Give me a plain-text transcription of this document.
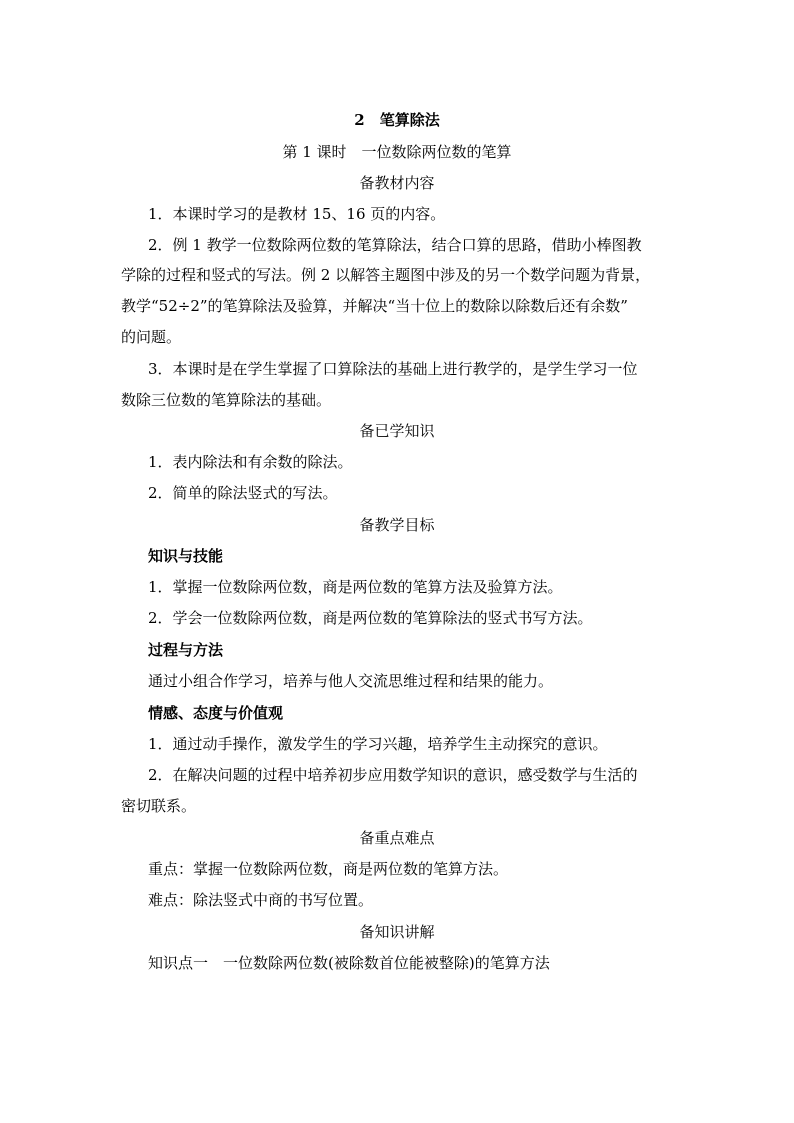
2　笔算除法
第 1 课时　一位数除两位数的笔算
备教材内容
1．本课时学习的是教材 15、16 页的内容。
2．例 1 教学一位数除两位数的笔算除法，结合口算的思路，借助小棒图教
学除的过程和竖式的写法。例 2 以解答主题图中涉及的另一个数学问题为背景，
教学“52÷2”的笔算除法及验算，并解决“当十位上的数除以除数后还有余数”
的问题。
3．本课时是在学生掌握了口算除法的基础上进行教学的，是学生学习一位
数除三位数的笔算除法的基础。
备已学知识
1．表内除法和有余数的除法。
2．简单的除法竖式的写法。
备教学目标
知识与技能
1．掌握一位数除两位数，商是两位数的笔算方法及验算方法。
2．学会一位数除两位数，商是两位数的笔算除法的竖式书写方法。
过程与方法
通过小组合作学习，培养与他人交流思维过程和结果的能力。
情感、态度与价值观
1．通过动手操作，激发学生的学习兴趣，培养学生主动探究的意识。
2．在解决问题的过程中培养初步应用数学知识的意识，感受数学与生活的
密切联系。
备重点难点
重点：掌握一位数除两位数，商是两位数的笔算方法。
难点：除法竖式中商的书写位置。
备知识讲解
知识点一　一位数除两位数(被除数首位能被整除)的笔算方法
